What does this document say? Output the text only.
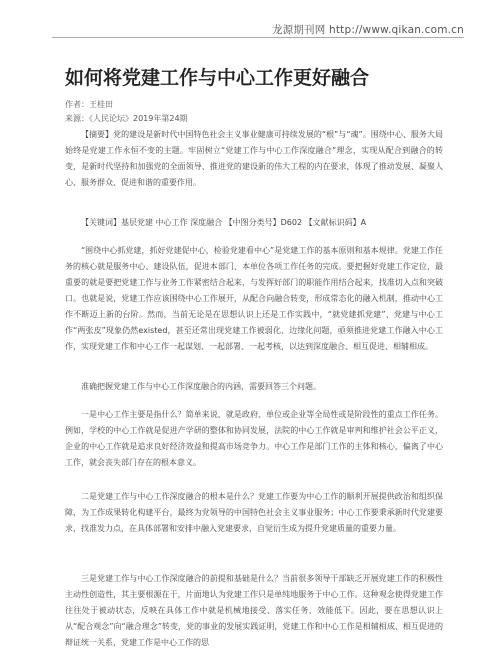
龙源期刊网 http://www.qikan.com.cn
如何将党建工作与中心工作更好融合
作者：王桂田
来源：《人民论坛》2019年第24期

【摘要】党的建设是新时代中国特色社会主义事业健康可持续发展的“根”与“魂”。围绕中心、服务大局始终是党建工作永恒不变的主题。牢固树立“党建工作与中心工作深度融合”理念，实现从配合到融合的转变，是新时代坚持和加强党的全面领导、推进党的建设新的伟大工程的内在要求，体现了推动发展、凝聚人心、服务群众、促进和谐的重要作用。

【关键词】基层党建 中心工作 深度融合 【中图分类号】D602 【文献标识码】A

“围绕中心抓党建，抓好党建促中心，检验党建看中心”是党建工作的基本原则和基本规律。党建工作任务的核心就是服务中心、建设队伍，促进本部门、本单位各项工作任务的完成。要把握好党建工作定位，最重要的就是要把党建工作与业务工作紧密结合起来，与发挥好部门的职能作用结合起来，找准切入点和突破口。也就是说，党建工作应该围绕中心工作展开，从配合向融合转变，形成常态化的融入机制，推动中心工作不断迈上新的台阶。然而，当前无论是在思想认识上还是工作实践中，“就党建抓党建”、党建与中心工作“两张皮”现象仍然existed，甚至还常出现党建工作被弱化、边缘化问题，亟须推进党建工作融入中心工作，实现党建工作和中心工作一起谋划、一起部署、一起考核，以达到深度融合、相互促进、相辅相成。

准确把握党建工作与中心工作深度融合的内涵，需要回答三个问题。

一是中心工作主要是指什么？简单来说，就是政府、单位或企业等全局性或是阶段性的重点工作任务。例如，学校的中心工作就是促进产学研的整体和协同发展，法院的中心工作就是审判和维护社会公平正义，企业的中心工作就是追求良好经济效益和提高市场竞争力。中心工作是部门工作的主体和核心，偏离了中心工作，就会丧失部门存在的根本意义。

二是党建工作与中心工作深度融合的根本是什么？党建工作要为中心工作的顺利开展提供政治和组织保障，为工作成果转化构建平台，最终为党领导的中国特色社会主义事业服务；中心工作要秉承新时代党建要求，找准发力点，在具体部署和安排中融入党建要求，自觉衍生成为提升党建质量的重要力量。

三是党建工作与中心工作深度融合的前提和基础是什么？当前很多领导干部缺乏开展党建工作的积极性主动性创造性，其主要根源在于，片面地认为党建工作只是单纯地服务于中心工作。这种观念使得党建工作往往处于被动状态，反映在具体工作中就是机械地接受、落实任务，效能低下。因此，要在思想认识上从“配合观念”向“融合理念”转变，党的事业的发展实践证明，党建工作和中心工作是相辅相成、相互促进的辩证统一关系，党建工作是中心工作的思
